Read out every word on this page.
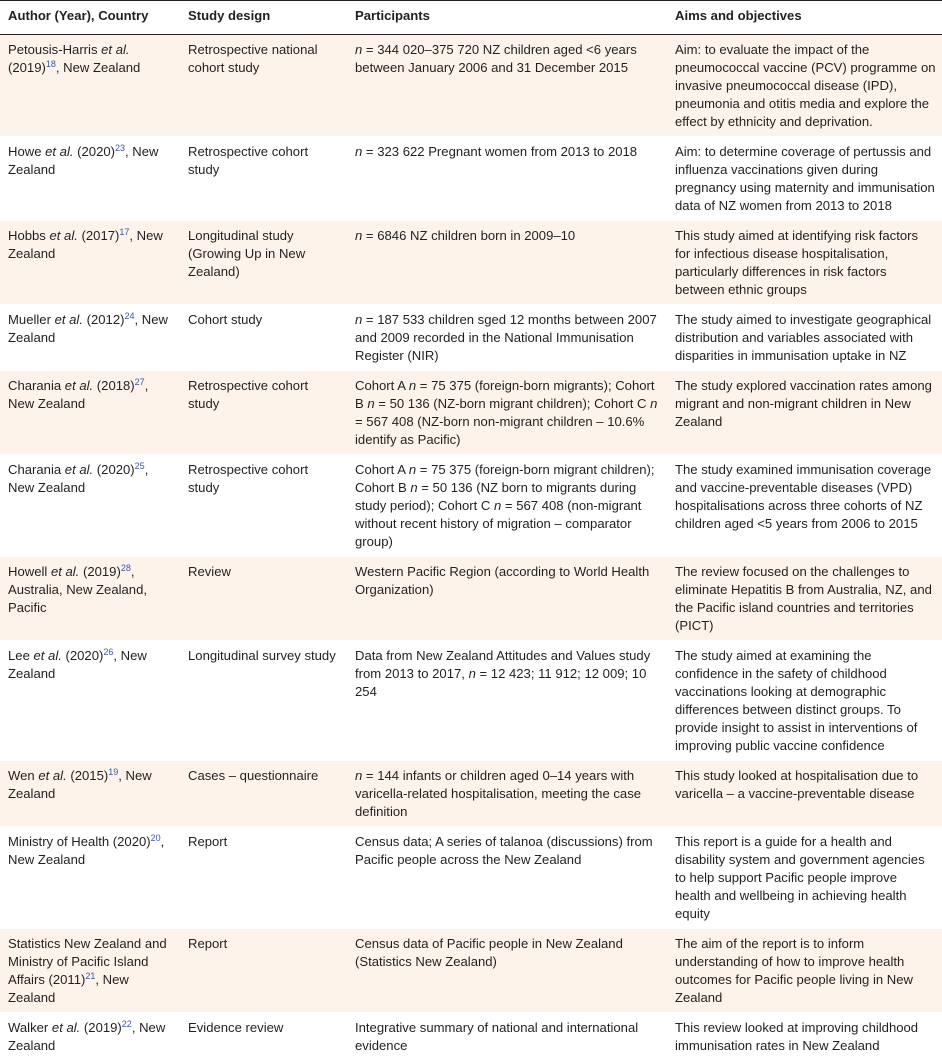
Author (Year), Country	Study design	Participants	Aims and objectives
Petousis-Harris et al. $(2019)^{18}$, New Zealand	Retrospective national cohort study	n = 344 020–375 720 NZ children aged <6 years between January 2006 and 31 December 2015	Aim: to evaluate the impact of the pneumococcal vaccine (PCV) programme on invasive pneumococcal disease (IPD), pneumonia and otitis media and explore the effect by ethnicity and deprivation.
Howe et al. $(2020)^{23}$, New Zealand	Retrospective cohort study	n = 323 622 Pregnant women from 2013 to 2018	Aim: to determine coverage of pertussis and influenza vaccinations given during pregnancy using maternity and immunisation data of NZ women from 2013 to 2018
Hobbs et al. $(2017)^{17}$, New Zealand	Longitudinal study (Growing Up in New Zealand)	n = 6846 NZ children born in 2009–10	This study aimed at identifying risk factors for infectious disease hospitalisation, particularly differences in risk factors between ethnic groups
Mueller et al. $(2012)^{24}$, New Zealand	Cohort study	n = 187 533 children sged 12 months between 2007 and 2009 recorded in the National Immunisation Register (NIR)	The study aimed to investigate geographical distribution and variables associated with disparities in immunisation uptake in NZ
Charania et al. $(2018)^{27}$, New Zealand	Retrospective cohort study	Cohort A n = 75 375 (foreign-born migrants); Cohort B n = 50 136 (NZ-born migrant children); Cohort C n = 567 408 (NZ-born non-migrant children – 10.6% identify as Pacific)	The study explored vaccination rates among migrant and non-migrant children in New Zealand
Charania et al. $(2020)^{25}$, New Zealand	Retrospective cohort study	Cohort A n = 75 375 (foreign-born migrant children); Cohort B n = 50 136 (NZ born to migrants during study period); Cohort C n = 567 408 (non-migrant without recent history of migration – comparator group)	The study examined immunisation coverage and vaccine-preventable diseases (VPD) hospitalisations across three cohorts of NZ children aged <5 years from 2006 to 2015
Howell et al. $(2019)^{28}$, Australia, New Zealand, Pacific	Review	Western Pacific Region (according to World Health Organization)	The review focused on the challenges to eliminate Hepatitis B from Australia, NZ, and the Pacific island countries and territories (PICT)
Lee et al. $(2020)^{26}$, New Zealand	Longitudinal survey study	Data from New Zealand Attitudes and Values study from 2013 to 2017, n = 12 423; 11 912; 12 009; 10 254	The study aimed at examining the confidence in the safety of childhood vaccinations looking at demographic differences between distinct groups. To provide insight to assist in interventions of improving public vaccine confidence
Wen et al. $(2015)^{19}$, New Zealand	Cases – questionnaire	n = 144 infants or children aged 0–14 years with varicella-related hospitalisation, meeting the case definition	This study looked at hospitalisation due to varicella – a vaccine-preventable disease
Ministry of Health $(2020)^{20}$, New Zealand	Report	Census data; A series of talanoa (discussions) from Pacific people across the New Zealand	This report is a guide for a health and disability system and government agencies to help support Pacific people improve health and wellbeing in achieving health equity
Statistics New Zealand and Ministry of Pacific Island Affairs $(2011)^{21}$, New Zealand	Report	Census data of Pacific people in New Zealand (Statistics New Zealand)	The aim of the report is to inform understanding of how to improve health outcomes for Pacific people living in New Zealand
Walker et al. $(2019)^{22}$, New Zealand	Evidence review	Integrative summary of national and international evidence	This review looked at improving childhood immunisation rates in New Zealand
